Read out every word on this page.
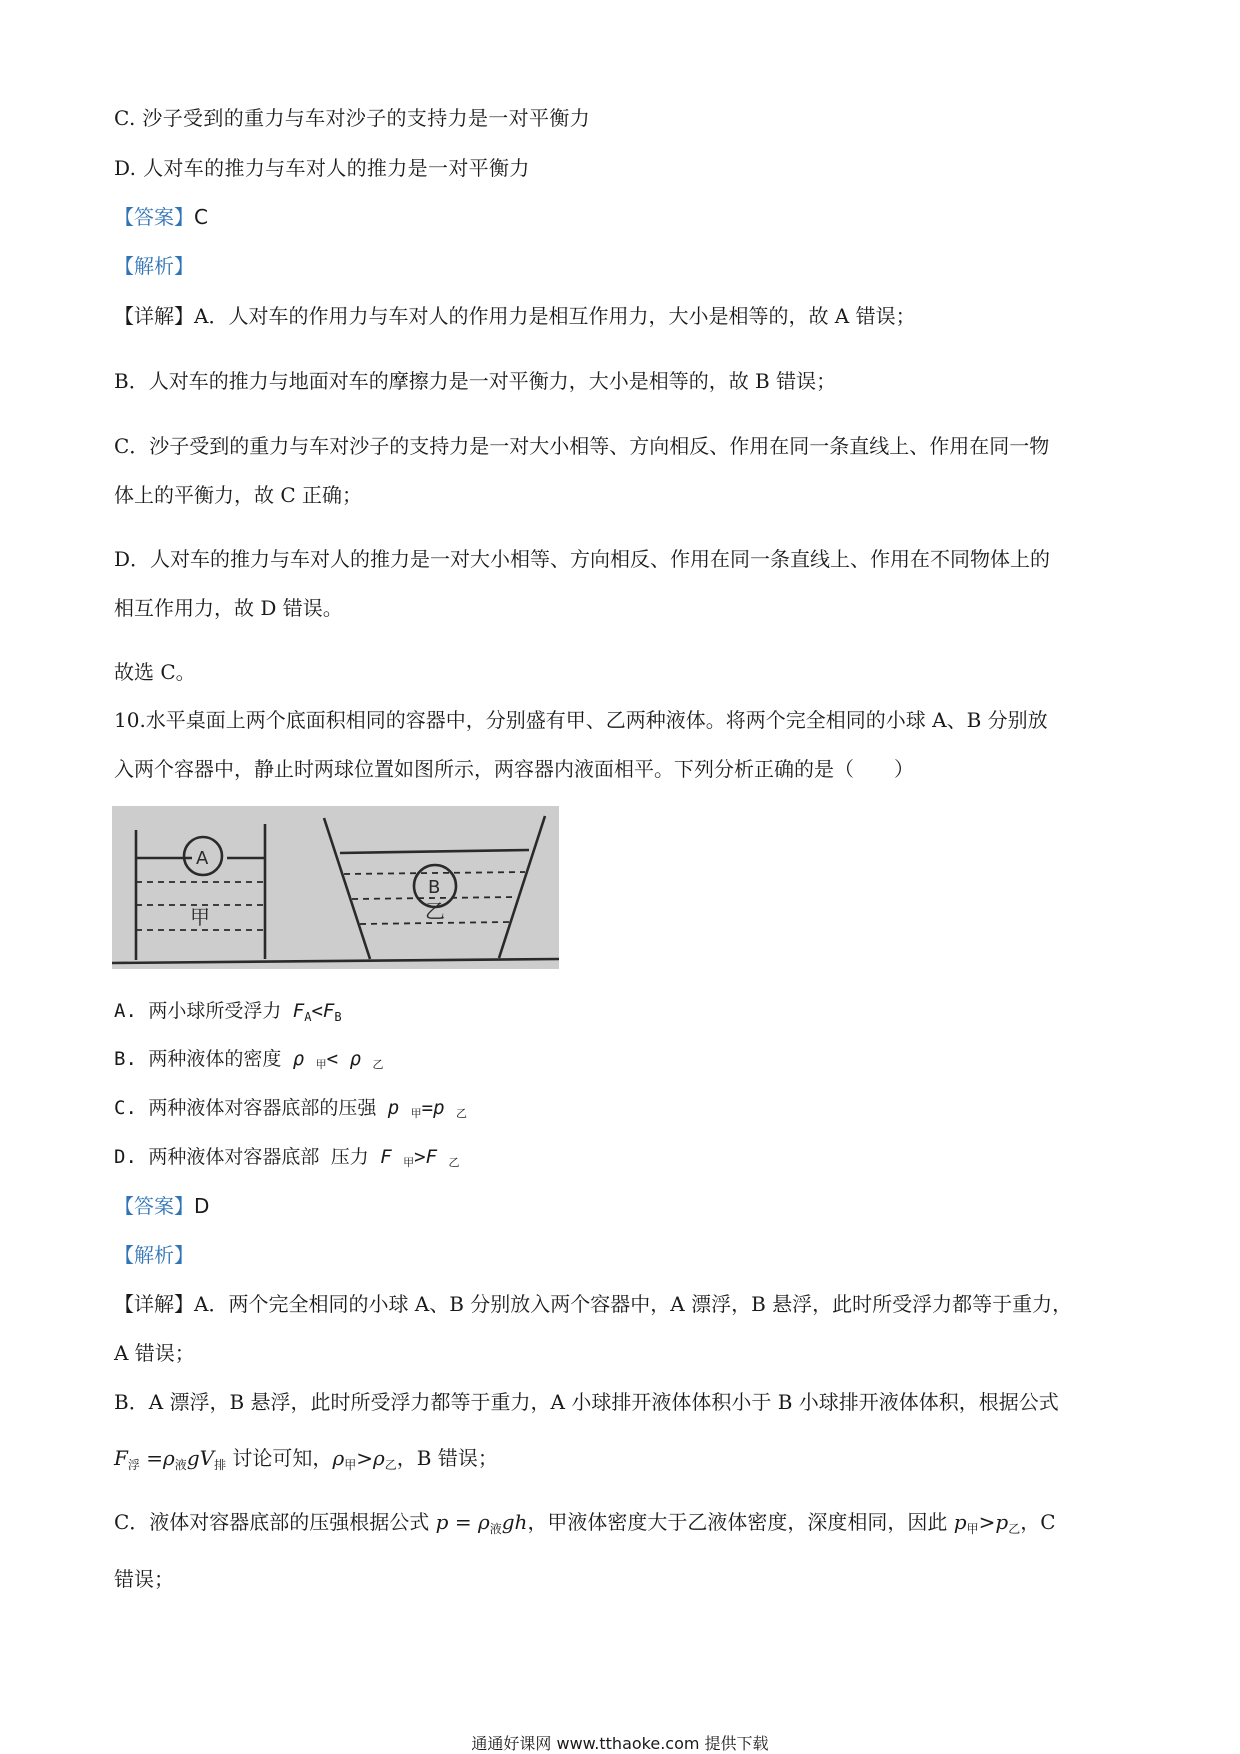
C. 沙子受到的重力与车对沙子的支持力是一对平衡力
D. 人对车的推力与车对人的推力是一对平衡力
【答案】C
【解析】
【详解】A．人对车的作用力与车对人的作用力是相互作用力，大小是相等的，故 A 错误；
B．人对车的推力与地面对车的摩擦力是一对平衡力，大小是相等的，故 B 错误；
C．沙子受到的重力与车对沙子的支持力是一对大小相等、方向相反、作用在同一条直线上、作用在同一物
体上的平衡力，故 C 正确；
D．人对车的推力与车对人的推力是一对大小相等、方向相反、作用在同一条直线上、作用在不同物体上的
相互作用力，故 D 错误。
故选 C。
10.水平桌面上两个底面积相同的容器中，分别盛有甲、乙两种液体。将两个完全相同的小球 A、B 分别放
入两个容器中，静止时两球位置如图所示，两容器内液面相平。下列分析正确的是（　　）
A
B
甲	乙
A. 两小球所受浮力 $F_A<F_B$
B. 两种液体的密度 ρ 甲< ρ 乙
C. 两种液体对容器底部的压强 p 甲=p 乙
D. 两种液体对容器底部 压力 F 甲>F 乙
【答案】D
【解析】
【详解】A．两个完全相同的小球 A、B 分别放入两个容器中，A 漂浮，B 悬浮，此时所受浮力都等于重力，
A 错误；
B．A 漂浮，B 悬浮，此时所受浮力都等于重力，A 小球排开液体体积小于 B 小球排开液体体积，根据公式
$F_浮 =\rho_液gV_排$ 讨论可知，$\rho_甲>\rho_乙$，B 错误；
C．液体对容器底部的压强根据公式 $p = \rho_液gh$，甲液体密度大于乙液体密度，深度相同，因此 $p_甲>p_乙$，C
错误；
通通好课网 www.tthaoke.com 提供下载
